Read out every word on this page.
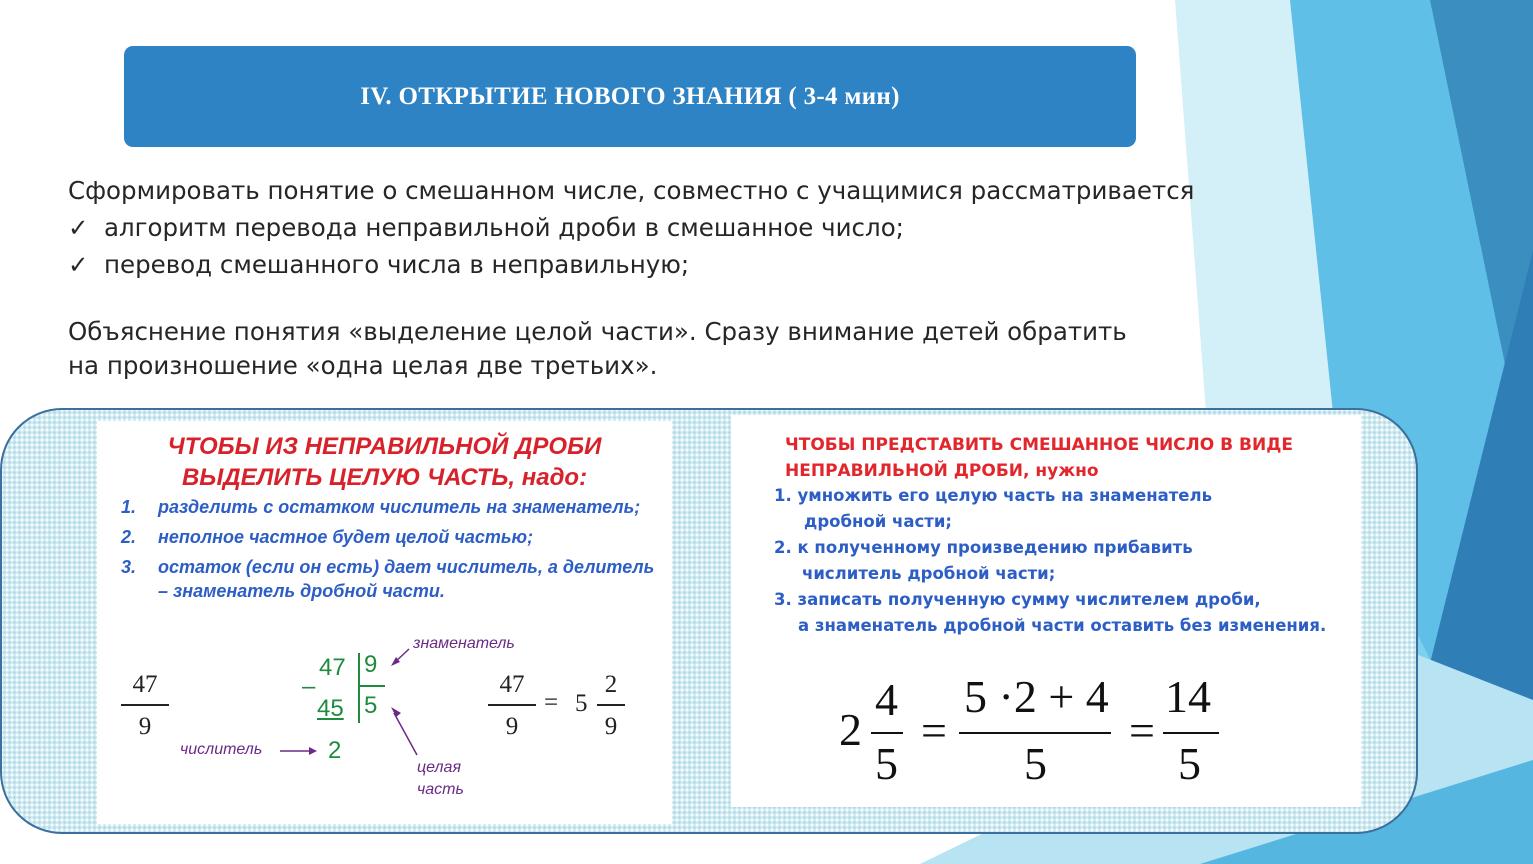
IV. ОТКРЫТИЕ НОВОГО ЗНАНИЯ ( 3-4 мин)

Сформировать понятие о смешанном числе, совместно с учащимися рассматривается

✓ алгоритм перевода неправильной дроби в смешанное число;

✓ перевод смешанного числа в неправильную;

Объяснение понятия «выделение целой части». Сразу внимание детей обратить

на произношение «одна целая две третьих».

ЧТОБЫ ИЗ НЕПРАВИЛЬНОЙ ДРОБИ
ВЫДЕЛИТЬ ЦЕЛУЮ ЧАСТЬ, надо:
1.	разделить с остатком числитель на знаменатель;
2.	неполное частное будет целой частью;
3.	остаток (если он есть) дает числитель, а делитель – знаменатель дробной части.
47
9
–
47 9
45 5
2
знаменатель
числитель
целая
часть
47
9
= 5
2
9
ЧТОБЫ ПРЕДСТАВИТЬ СМЕШАННОЕ ЧИСЛО В ВИДЕ
НЕПРАВИЛЬНОЙ ДРОБИ, нужно
1. умножить его целую часть на знаменатель
дробной части;
2. к полученному произведению прибавить
числитель дробной части;
3. записать полученную сумму числителем дроби,
а знаменатель дробной части оставить без изменения.
2
4
5
=
5 ·2 + 4
5
=
14
5
